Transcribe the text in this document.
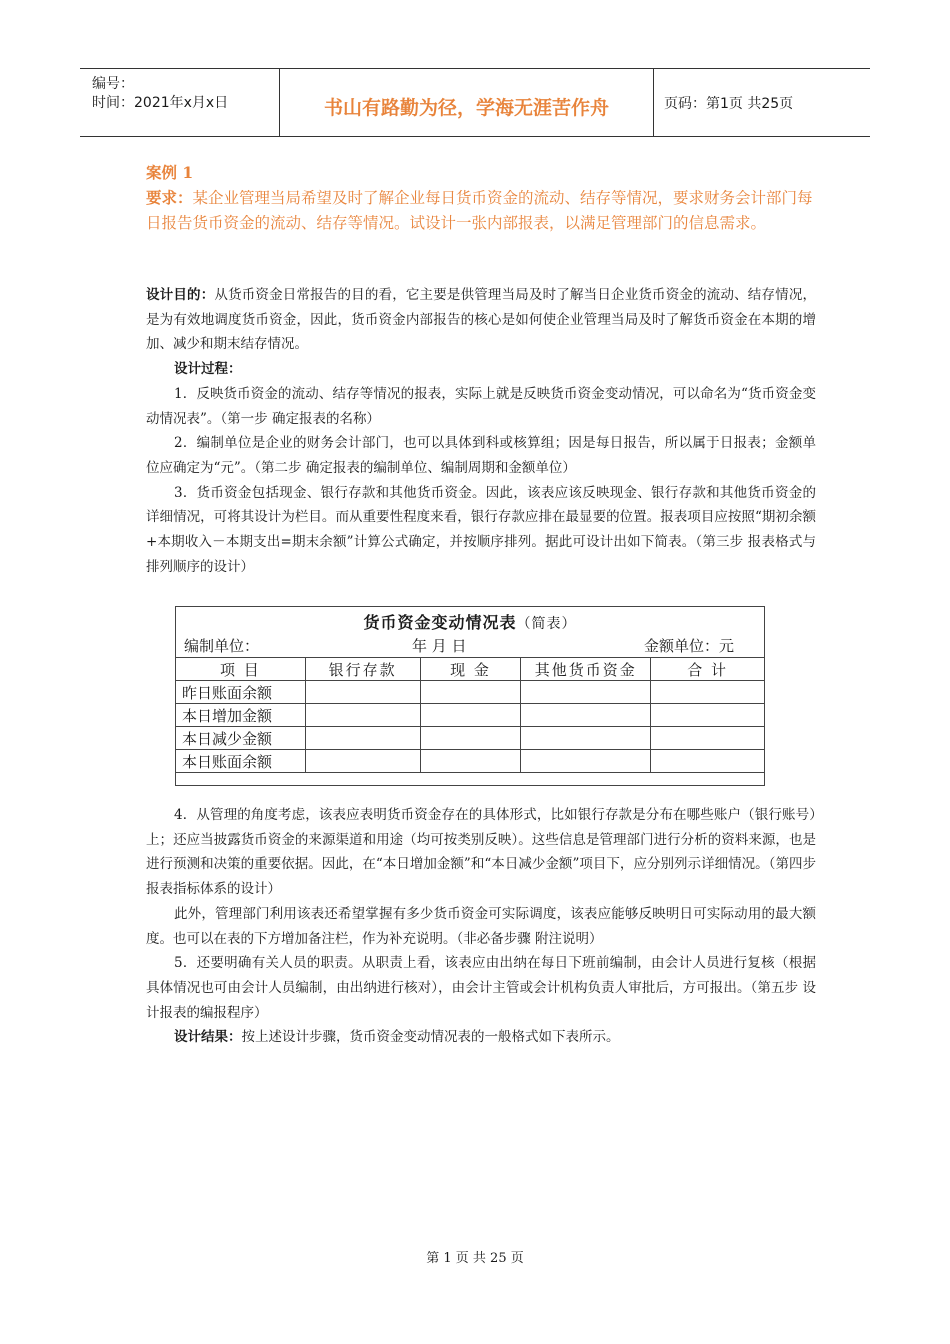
编号：
时间：2021年x月x日	书山有路勤为径，学海无涯苦作舟	页码：第1页 共25页
案例 1
要求：某企业管理当局希望及时了解企业每日货币资金的流动、结存等情况，要求财务会计部门每日报告货币资金的流动、结存等情况。试设计一张内部报表，以满足管理部门的信息需求。

设计目的：从货币资金日常报告的目的看，它主要是供管理当局及时了解当日企业货币资金的流动、结存情况，是为有效地调度货币资金，因此，货币资金内部报告的核心是如何使企业管理当局及时了解货币资金在本期的增加、减少和期末结存情况。

设计过程：

1．反映货币资金的流动、结存等情况的报表，实际上就是反映货币资金变动情况，可以命名为“货币资金变动情况表”。（第一步 确定报表的名称）

2．编制单位是企业的财务会计部门，也可以具体到科或核算组；因是每日报告，所以属于日报表；金额单位应确定为“元”。（第二步 确定报表的编制单位、编制周期和金额单位）

3．货币资金包括现金、银行存款和其他货币资金。因此，该表应该反映现金、银行存款和其他货币资金的详细情况，可将其设计为栏目。而从重要性程度来看，银行存款应排在最显要的位置。报表项目应按照“期初余额+本期收入－本期支出=期末余额”计算公式确定，并按顺序排列。据此可设计出如下简表。（第三步 报表格式与排列顺序的设计）

货币资金变动情况表（简表）
编制单位：	年 月 日	金额单位：元
项 目	银行存款	现 金	其他货币资金	合 计
昨日账面余额				
本日增加金额				
本日减少金额				
本日账面余额				

4．从管理的角度考虑，该表应表明货币资金存在的具体形式，比如银行存款是分布在哪些账户（银行账号）上；还应当披露货币资金的来源渠道和用途（均可按类别反映）。这些信息是管理部门进行分析的资料来源，也是进行预测和决策的重要依据。因此，在“本日增加金额”和“本日减少金额”项目下，应分别列示详细情况。（第四步 报表指标体系的设计）

此外，管理部门利用该表还希望掌握有多少货币资金可实际调度，该表应能够反映明日可实际动用的最大额度。也可以在表的下方增加备注栏，作为补充说明。（非必备步骤 附注说明）

5．还要明确有关人员的职责。从职责上看，该表应由出纳在每日下班前编制，由会计人员进行复核（根据具体情况也可由会计人员编制，由出纳进行核对），由会计主管或会计机构负责人审批后，方可报出。（第五步 设计报表的编报程序）

设计结果：按上述设计步骤，货币资金变动情况表的一般格式如下表所示。

第 1 页 共 25 页
